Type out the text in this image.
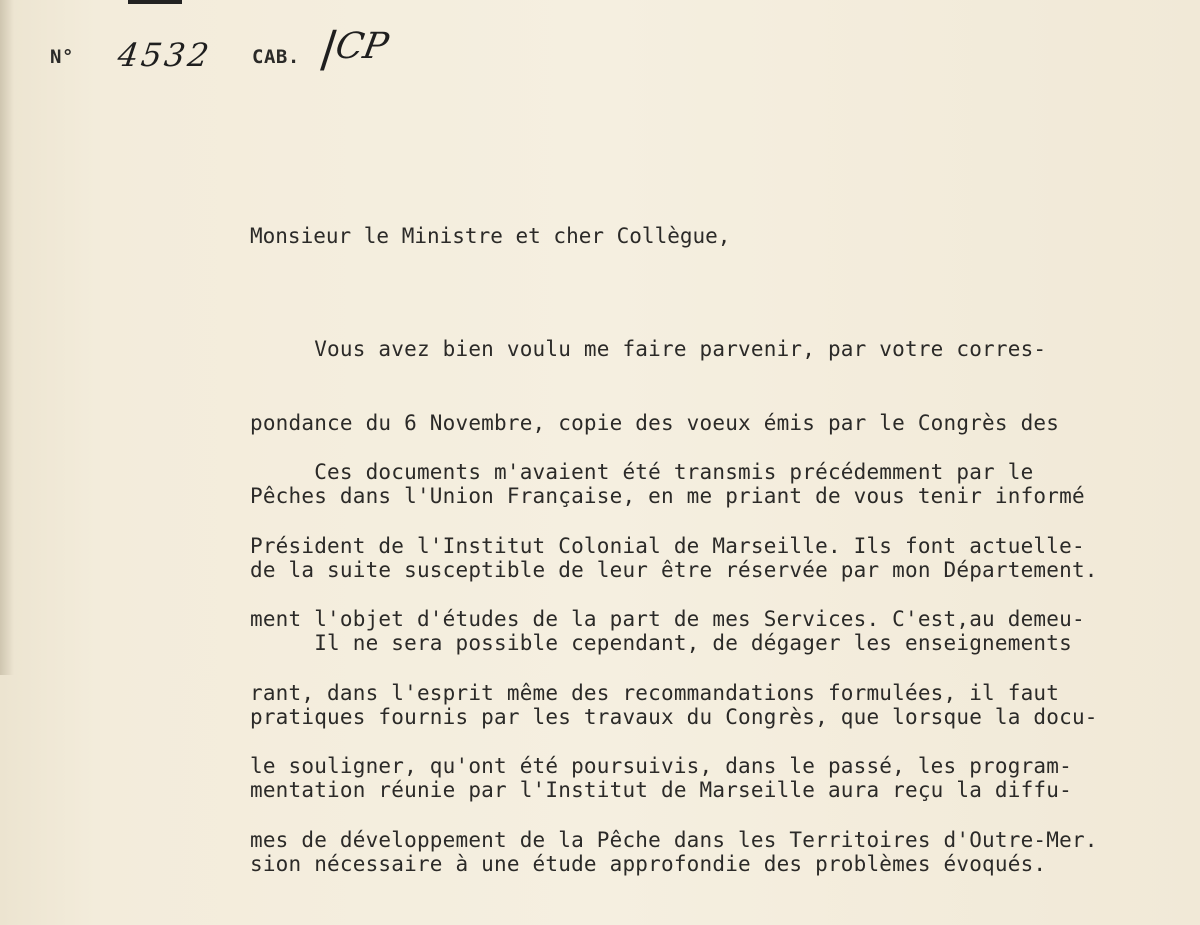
N° 4532 CAB. /
CP

Monsieur le Ministre et cher Collègue,

Vous avez bien voulu me faire parvenir, par votre corres-

pondance du 6 Novembre, copie des voeux émis par le Congrès des

Pêches dans l'Union Française, en me priant de vous tenir informé

de la suite susceptible de leur être réservée par mon Département.

Ces documents m'avaient été transmis précédemment par le

Président de l'Institut Colonial de Marseille. Ils font actuelle-

ment l'objet d'études de la part de mes Services. C'est,au demeu-

rant, dans l'esprit même des recommandations formulées, il faut

le souligner, qu'ont été poursuivis, dans le passé, les program-

mes de développement de la Pêche dans les Territoires d'Outre-Mer.

Il ne sera possible cependant, de dégager les enseignements

pratiques fournis par les travaux du Congrès, que lorsque la docu-

mentation réunie par l'Institut de Marseille aura reçu la diffu-

sion nécessaire à une étude approfondie des problèmes évoqués.
